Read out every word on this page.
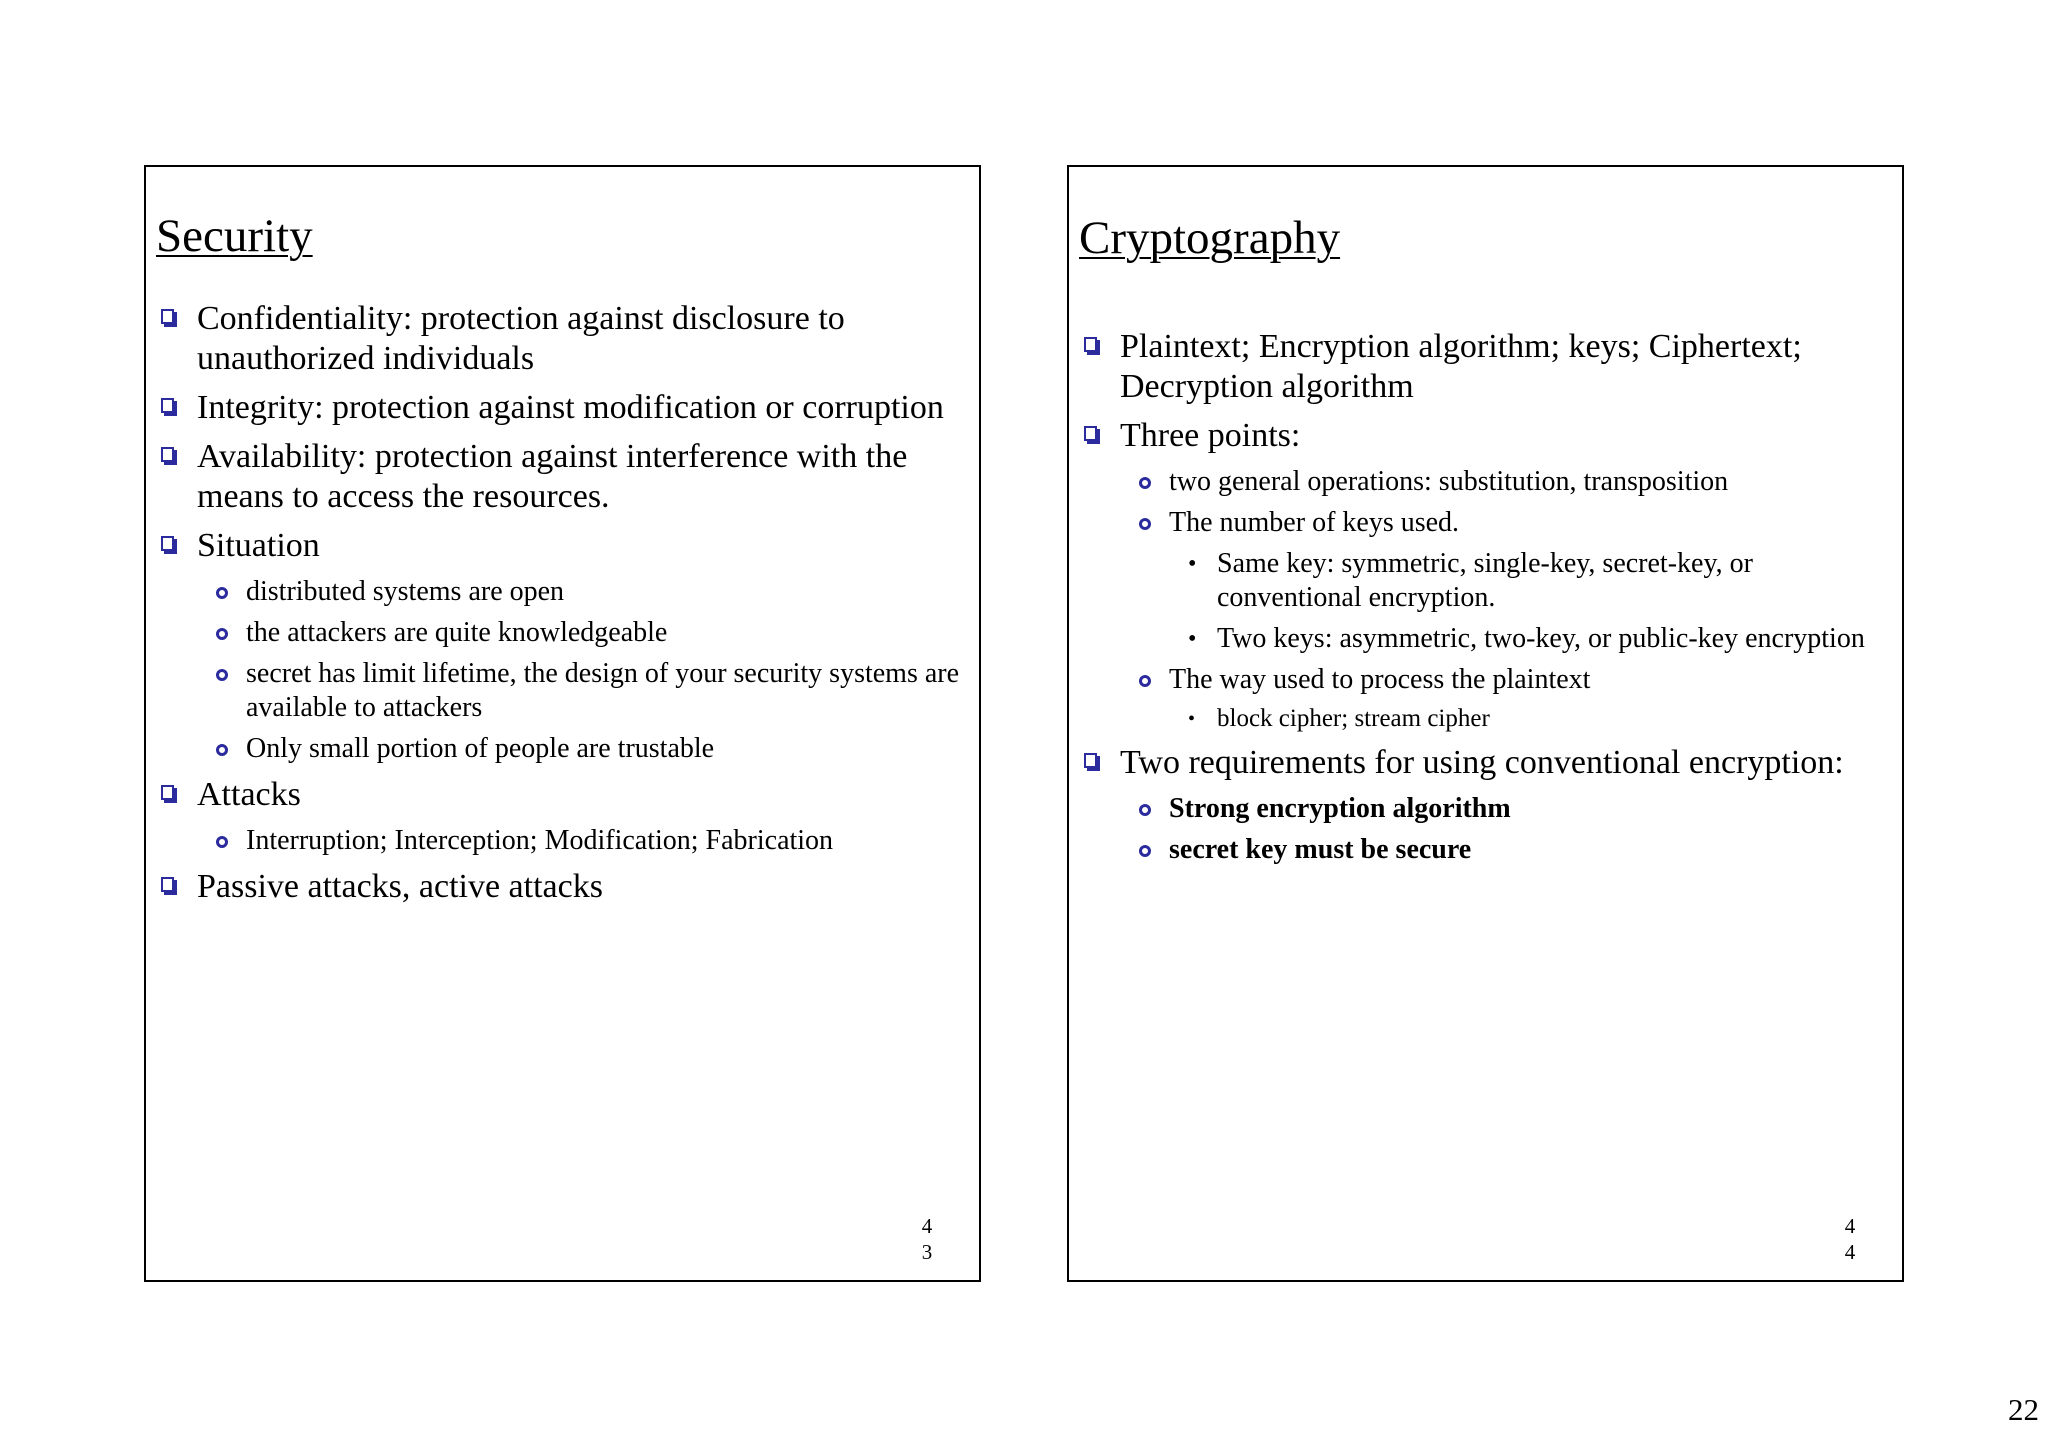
Security
Confidentiality: protection against disclosure to unauthorized individuals
Integrity: protection against modification or corruption
Availability: protection against interference with the means to access the resources.
Situation
distributed systems are open
the attackers are quite knowledgeable
secret has limit lifetime, the design of your security systems are available to attackers
Only small portion of people are trustable
Attacks
Interruption; Interception; Modification; Fabrication
Passive attacks, active attacks
43
Cryptography
Plaintext; Encryption algorithm; keys; Ciphertext; Decryption algorithm
Three points:
two general operations: substitution, transposition
The number of keys used.
• Same key: symmetric, single-key, secret-key, or conventional encryption.
• Two keys: asymmetric, two-key, or public-key encryption
The way used to process the plaintext
• block cipher; stream cipher
Two requirements for using conventional encryption:
Strong encryption algorithm
secret key must be secure
44
22
